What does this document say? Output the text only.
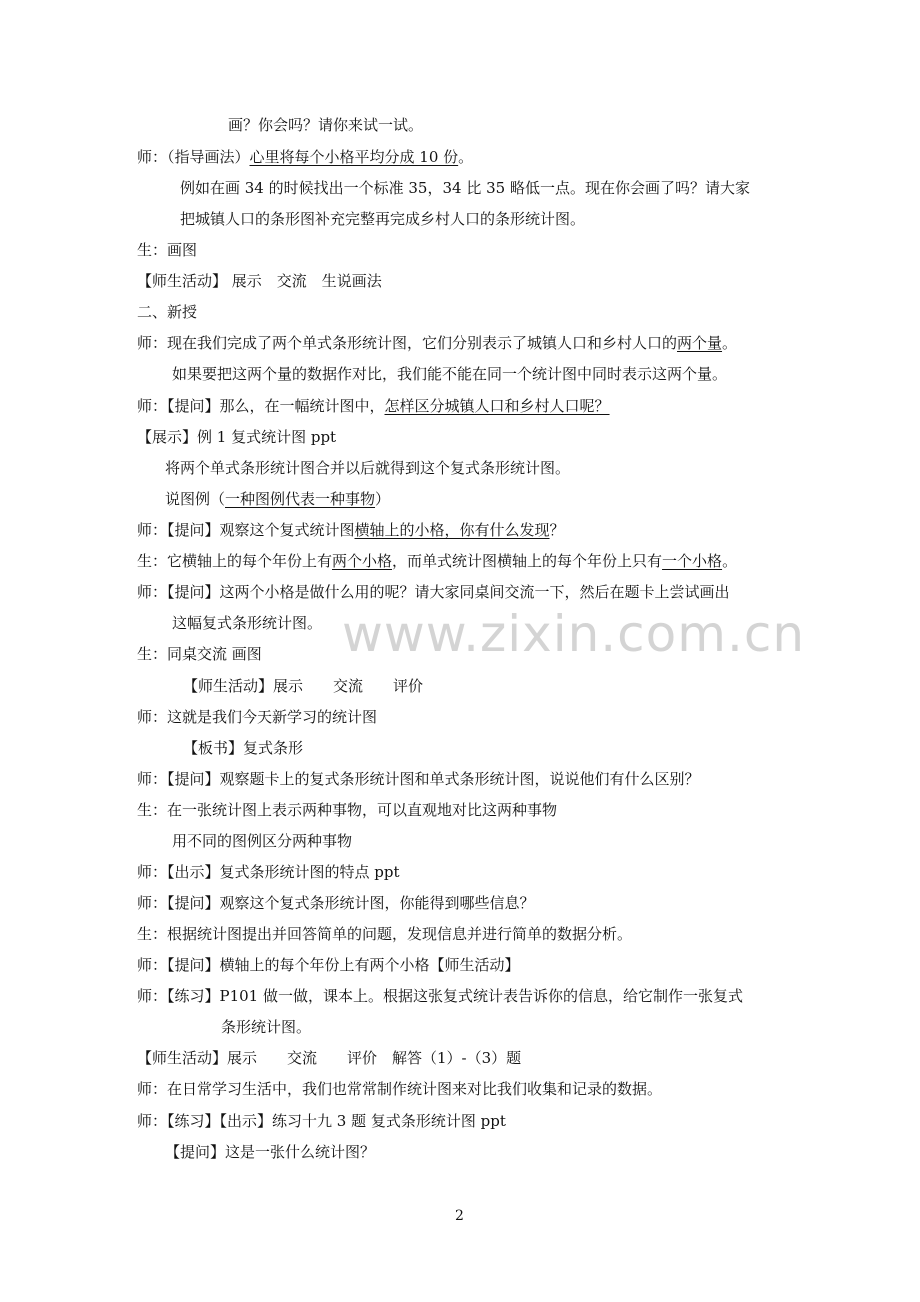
www.zixin.com.cn

画？你会吗？请你来试一试。

师：（指导画法）心里将每个小格平均分成 10 份。

例如在画 34 的时候找出一个标准 35，34 比 35 略低一点。现在你会画了吗？请大家

把城镇人口的条形图补充完整再完成乡村人口的条形统计图。

生：画图

【师生活动】 展示　交流　生说画法

二、新授

师：现在我们完成了两个单式条形统计图，它们分别表示了城镇人口和乡村人口的两个量。

如果要把这两个量的数据作对比，我们能不能在同一个统计图中同时表示这两个量。

师：【提问】那么，在一幅统计图中，怎样区分城镇人口和乡村人口呢？

【展示】例 1 复式统计图 ppt

将两个单式条形统计图合并以后就得到这个复式条形统计图。

说图例（一种图例代表一种事物）

师：【提问】观察这个复式统计图横轴上的小格，你有什么发现？

生：它横轴上的每个年份上有两个小格，而单式统计图横轴上的每个年份上只有一个小格。

师：【提问】这两个小格是做什么用的呢？请大家同桌间交流一下，然后在题卡上尝试画出

这幅复式条形统计图。

生：同桌交流 画图

【师生活动】展示　　交流　　评价

师：这就是我们今天新学习的统计图

【板书】复式条形

师：【提问】观察题卡上的复式条形统计图和单式条形统计图，说说他们有什么区别？

生：在一张统计图上表示两种事物，可以直观地对比这两种事物

用不同的图例区分两种事物

师：【出示】复式条形统计图的特点 ppt

师：【提问】观察这个复式条形统计图，你能得到哪些信息？

生：根据统计图提出并回答简单的问题，发现信息并进行简单的数据分析。

师：【提问】横轴上的每个年份上有两个小格【师生活动】

师：【练习】P101 做一做，课本上。根据这张复式统计表告诉你的信息，给它制作一张复式

条形统计图。

【师生活动】展示　　交流　　评价　解答（1）-（3）题

师：在日常学习生活中，我们也常常制作统计图来对比我们收集和记录的数据。

师：【练习】【出示】练习十九 3 题 复式条形统计图 ppt

【提问】这是一张什么统计图？

2
